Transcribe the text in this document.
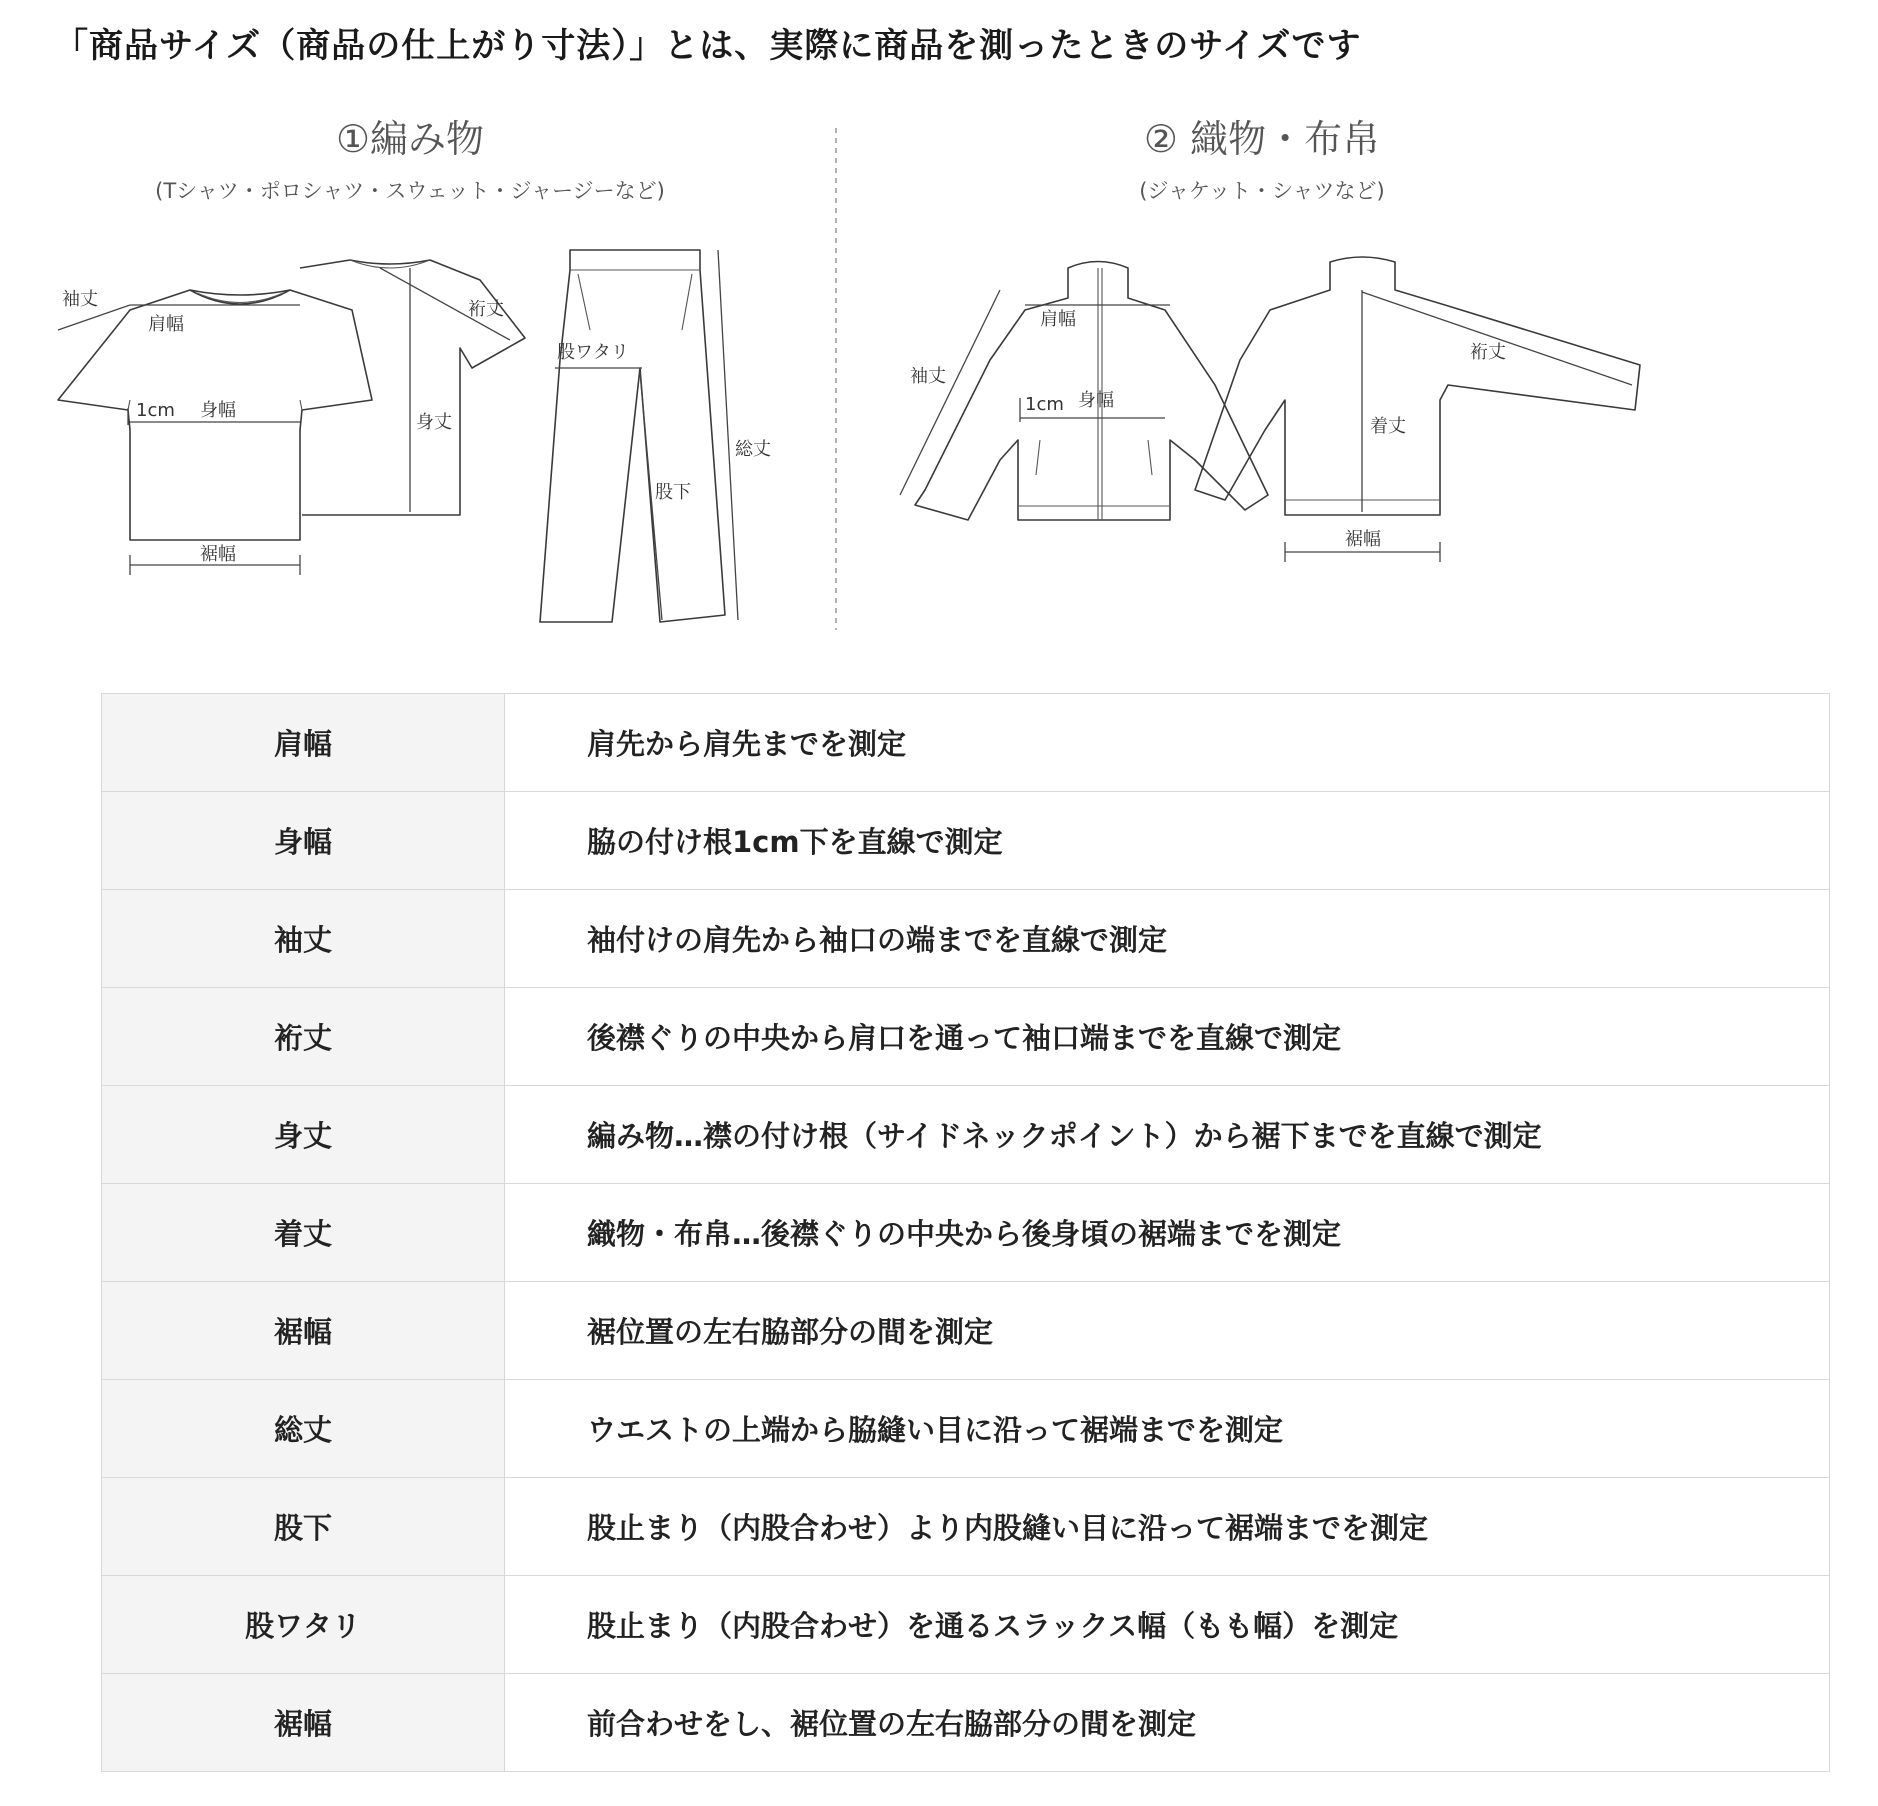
「商品サイズ（商品の仕上がり寸法）」とは、実際に商品を測ったときのサイズです
①編み物
(Tシャツ・ポロシャツ・スウェット・ジャージーなど)
② 織物・布帛
(ジャケット・シャツなど)
袖丈
肩幅
裄丈
1cm 身幅
身丈
裾幅
股ワタリ
総丈
股下
肩幅
袖丈
1cm 身幅
裄丈
着丈
裾幅
肩幅	肩先から肩先までを測定
身幅	脇の付け根1cm下を直線で測定
袖丈	袖付けの肩先から袖口の端までを直線で測定
裄丈	後襟ぐりの中央から肩口を通って袖口端までを直線で測定
身丈	編み物…襟の付け根（サイドネックポイント）から裾下までを直線で測定
着丈	織物・布帛…後襟ぐりの中央から後身頃の裾端までを測定
裾幅	裾位置の左右脇部分の間を測定
総丈	ウエストの上端から脇縫い目に沿って裾端までを測定
股下	股止まり（内股合わせ）より内股縫い目に沿って裾端までを測定
股ワタリ	股止まり（内股合わせ）を通るスラックス幅（もも幅）を測定
裾幅	前合わせをし、裾位置の左右脇部分の間を測定
